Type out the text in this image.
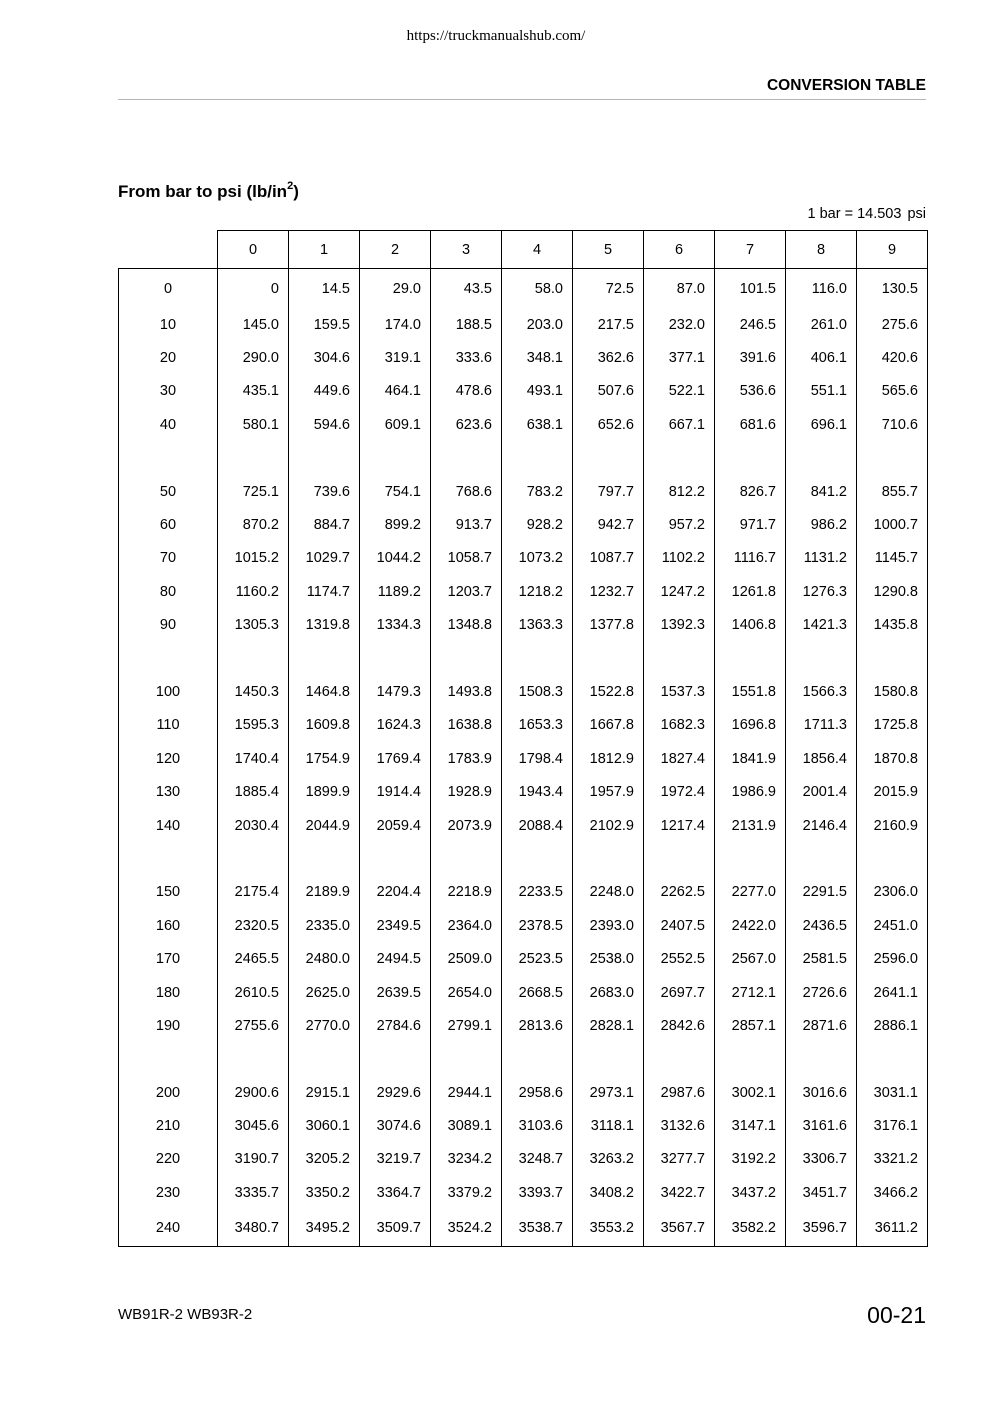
https://truckmanualshub.com/
CONVERSION TABLE
From bar to psi $(lb/in^2)$
1 bar = 14.503 psi
	0	1	2	3	4	5	6	7	8	9
0	0	14.5	29.0	43.5	58.0	72.5	87.0	101.5	116.0	130.5
10	145.0	159.5	174.0	188.5	203.0	217.5	232.0	246.5	261.0	275.6
20	290.0	304.6	319.1	333.6	348.1	362.6	377.1	391.6	406.1	420.6
30	435.1	449.6	464.1	478.6	493.1	507.6	522.1	536.6	551.1	565.6
40	580.1	594.6	609.1	623.6	638.1	652.6	667.1	681.6	696.1	710.6

50	725.1	739.6	754.1	768.6	783.2	797.7	812.2	826.7	841.2	855.7
60	870.2	884.7	899.2	913.7	928.2	942.7	957.2	971.7	986.2	1000.7
70	1015.2	1029.7	1044.2	1058.7	1073.2	1087.7	1102.2	1116.7	1131.2	1145.7
80	1160.2	1174.7	1189.2	1203.7	1218.2	1232.7	1247.2	1261.8	1276.3	1290.8
90	1305.3	1319.8	1334.3	1348.8	1363.3	1377.8	1392.3	1406.8	1421.3	1435.8

100	1450.3	1464.8	1479.3	1493.8	1508.3	1522.8	1537.3	1551.8	1566.3	1580.8
110	1595.3	1609.8	1624.3	1638.8	1653.3	1667.8	1682.3	1696.8	1711.3	1725.8
120	1740.4	1754.9	1769.4	1783.9	1798.4	1812.9	1827.4	1841.9	1856.4	1870.8
130	1885.4	1899.9	1914.4	1928.9	1943.4	1957.9	1972.4	1986.9	2001.4	2015.9
140	2030.4	2044.9	2059.4	2073.9	2088.4	2102.9	1217.4	2131.9	2146.4	2160.9

150	2175.4	2189.9	2204.4	2218.9	2233.5	2248.0	2262.5	2277.0	2291.5	2306.0
160	2320.5	2335.0	2349.5	2364.0	2378.5	2393.0	2407.5	2422.0	2436.5	2451.0
170	2465.5	2480.0	2494.5	2509.0	2523.5	2538.0	2552.5	2567.0	2581.5	2596.0
180	2610.5	2625.0	2639.5	2654.0	2668.5	2683.0	2697.7	2712.1	2726.6	2641.1
190	2755.6	2770.0	2784.6	2799.1	2813.6	2828.1	2842.6	2857.1	2871.6	2886.1

200	2900.6	2915.1	2929.6	2944.1	2958.6	2973.1	2987.6	3002.1	3016.6	3031.1
210	3045.6	3060.1	3074.6	3089.1	3103.6	3118.1	3132.6	3147.1	3161.6	3176.1
220	3190.7	3205.2	3219.7	3234.2	3248.7	3263.2	3277.7	3192.2	3306.7	3321.2
230	3335.7	3350.2	3364.7	3379.2	3393.7	3408.2	3422.7	3437.2	3451.7	3466.2
240	3480.7	3495.2	3509.7	3524.2	3538.7	3553.2	3567.7	3582.2	3596.7	3611.2
WB91R-2 WB93R-2	00-21
